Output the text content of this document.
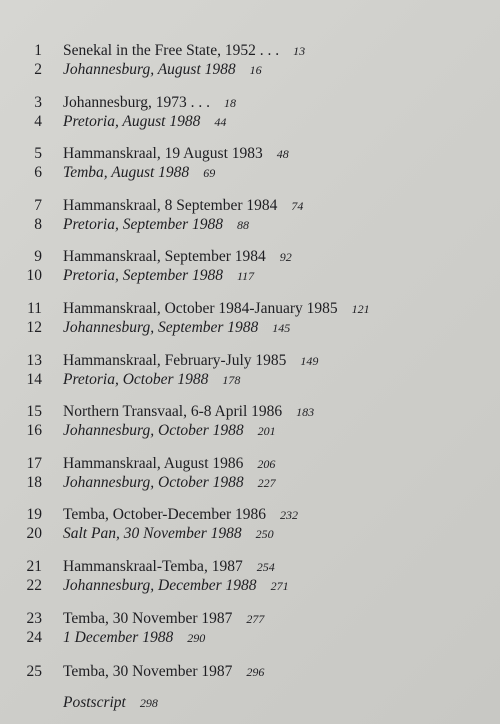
1 Senekal in the Free State, 1952 . . . 13
2 Johannesburg, August 1988 16
3 Johannesburg, 1973 . . . 18
4 Pretoria, August 1988 44
5 Hammanskraal, 19 August 1983 48
6 Temba, August 1988 69
7 Hammanskraal, 8 September 1984 74
8 Pretoria, September 1988 88
9 Hammanskraal, September 1984 92
10 Pretoria, September 1988 117
11 Hammanskraal, October 1984-January 1985 121
12 Johannesburg, September 1988 145
13 Hammanskraal, February-July 1985 149
14 Pretoria, October 1988 178
15 Northern Transvaal, 6-8 April 1986 183
16 Johannesburg, October 1988 201
17 Hammanskraal, August 1986 206
18 Johannesburg, October 1988 227
19 Temba, October-December 1986 232
20 Salt Pan, 30 November 1988 250
21 Hammanskraal-Temba, 1987 254
22 Johannesburg, December 1988 271
23 Temba, 30 November 1987 277
24 1 December 1988 290
25 Temba, 30 November 1987 296
Postscript 298
